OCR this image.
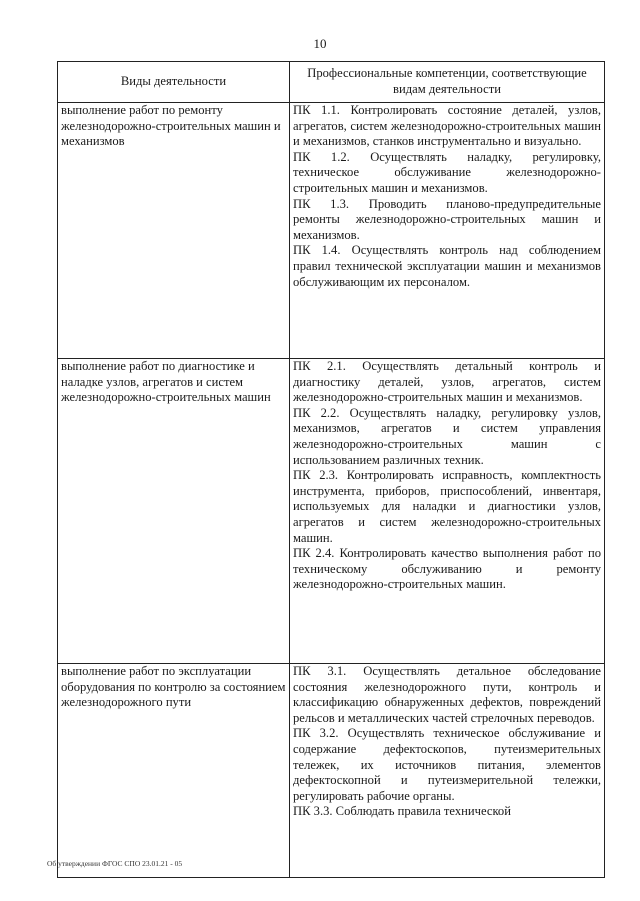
10
Виды деятельности	Профессиональные компетенции, соответствующие видам деятельности

выполнение работ по ремонту железнодорожно-строительных машин и механизмов	ПК 1.1. Контролировать состояние деталей, узлов, агрегатов, систем железнодорожно-строительных машин и механизмов, станков инструментально и визуально.
ПК 1.2. Осуществлять наладку, регулировку, техническое обслуживание железнодорожно-строительных машин и механизмов.
ПК 1.3. Проводить планово-предупредительные ремонты железнодорожно-строительных машин и механизмов.
ПК 1.4. Осуществлять контроль над соблюдением правил технической эксплуатации машин и механизмов обслуживающим их персоналом.

выполнение работ по диагностике и наладке узлов, агрегатов и систем железнодорожно-строительных машин	ПК 2.1. Осуществлять детальный контроль и диагностику деталей, узлов, агрегатов, систем железнодорожно-строительных машин и механизмов.
ПК 2.2. Осуществлять наладку, регулировку узлов, механизмов, агрегатов и систем управления железнодорожно-строительных машин с использованием различных техник.
ПК 2.3. Контролировать исправность, комплектность инструмента, приборов, приспособлений, инвентаря, используемых для наладки и диагностики узлов, агрегатов и систем железнодорожно-строительных машин.
ПК 2.4. Контролировать качество выполнения работ по техническому обслуживанию и ремонту железнодорожно-строительных машин.

выполнение работ по эксплуатации оборудования по контролю за состоянием железнодорожного пути	ПК 3.1. Осуществлять детальное обследование состояния железнодорожного пути, контроль и классификацию обнаруженных дефектов, повреждений рельсов и металлических частей стрелочных переводов.
ПК 3.2. Осуществлять техническое обслуживание и содержание дефектоскопов, путеизмерительных тележек, их источников питания, элементов дефектоскопной и путеизмерительной тележки, регулировать рабочие органы.
ПК 3.3. Соблюдать правила технической
Об утверждении ФГОС СПО 23.01.21 - 05
